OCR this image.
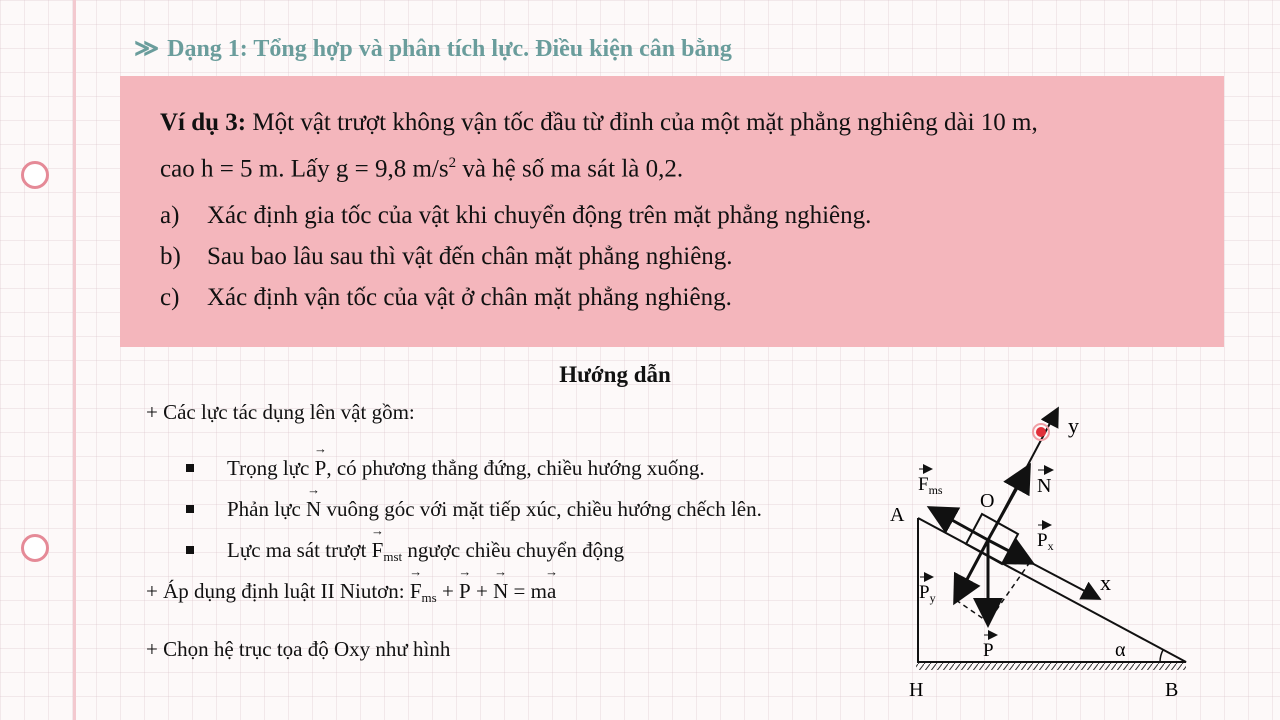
≫ Dạng 1: Tổng hợp và phân tích lực. Điều kiện cân bằng
Ví dụ 3: Một vật trượt không vận tốc đầu từ đỉnh của một mặt phẳng nghiêng dài 10 m,
cao h = 5 m. Lấy g = 9,8 $m/s^2$ và hệ số ma sát là 0,2.
a) Xác định gia tốc của vật khi chuyển động trên mặt phẳng nghiêng.
b) Sau bao lâu sau thì vật đến chân mặt phẳng nghiêng.
c) Xác định vận tốc của vật ở chân mặt phẳng nghiêng.
Hướng dẫn
+ Các lực tác dụng lên vật gồm:
Trọng lực → P, có phương thẳng đứng, chiều hướng xuống.
Phản lực → N vuông góc với mặt tiếp xúc, chiều hướng chếch lên.
Lực ma sát trượt → Fmst ngược chiều chuyển động
+ Áp dụng định luật II Niutơn: → Fms + → P + → N = m→ a
+ Chọn hệ trục tọa độ Oxy như hình
y
x
A
O
H	B
α
N
$F_{ms}$
$P_x$
$P_y$
P
